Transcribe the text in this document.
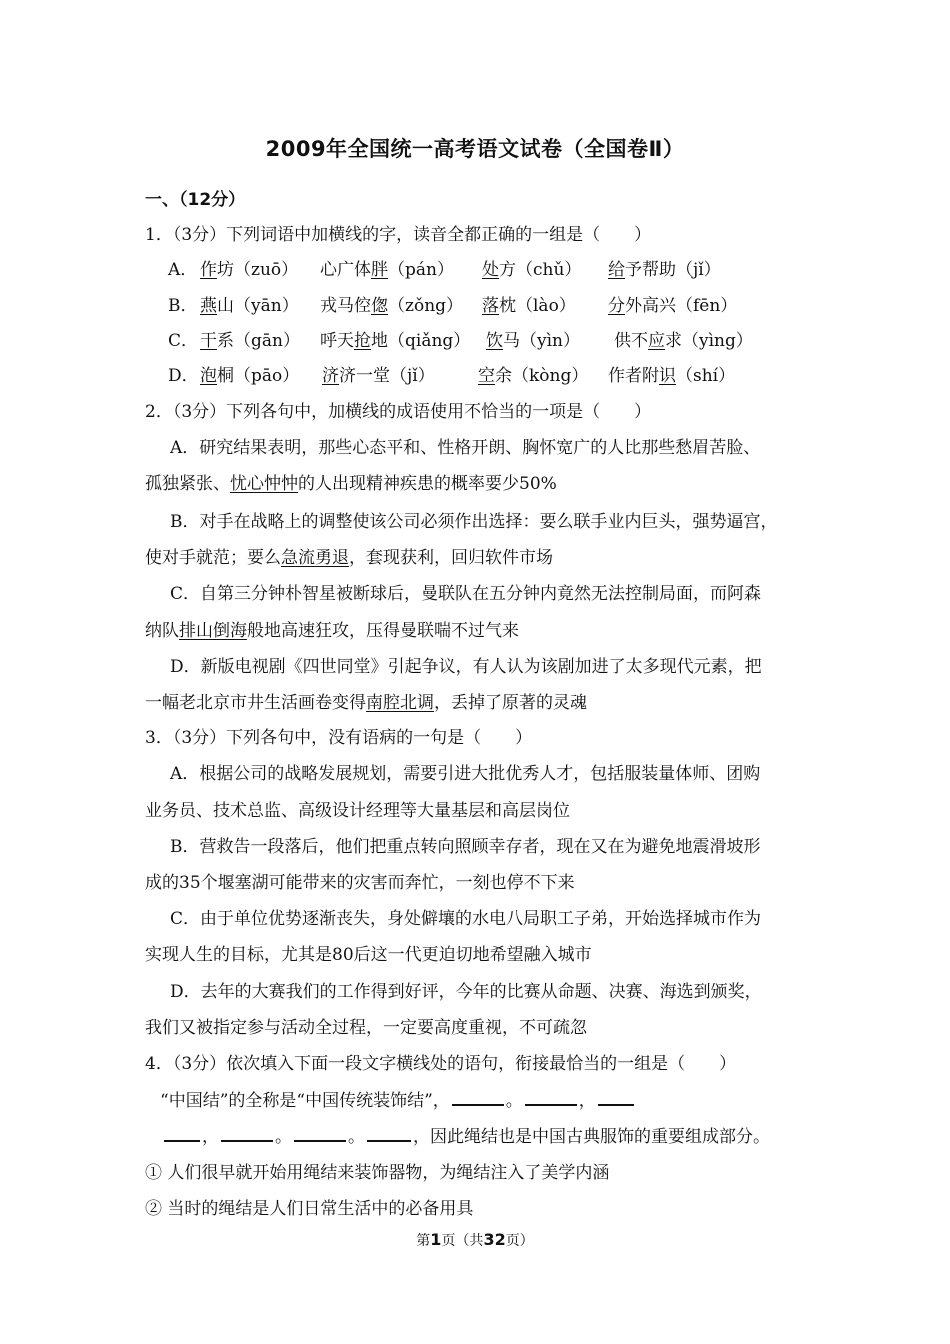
2009年全国统一高考语文试卷（全国卷Ⅱ）
一、（12分）
1．（3分）下列词语中加横线的字，读音全都正确的一组是（　　）
A． 作坊（zuō） 心广体胖（pán） 处方（chǔ） 给予帮助（jǐ）
B． 燕山（yān） 戎马倥偬（zǒng） 落枕（lào） 分外高兴（fēn）
C． 干系（gān） 呼天抢地（qiǎng） 饮马（yìn） 供不应求（yìng）
D． 泡桐（pāo） 济济一堂（jǐ）	空余（kòng） 作者附识（shí）
2．（3分）下列各句中，加横线的成语使用不恰当的一项是（　　）
A．研究结果表明，那些心态平和、性格开朗、胸怀宽广的人比那些愁眉苦脸、
孤独紧张、忧心忡忡的人出现精神疾患的概率要少50%
B．对手在战略上的调整使该公司必须作出选择：要么联手业内巨头，强势逼宫，
使对手就范；要么急流勇退，套现获利，回归软件市场
C．自第三分钟朴智星被断球后，曼联队在五分钟内竟然无法控制局面，而阿森
纳队排山倒海般地高速狂攻，压得曼联喘不过气来
D．新版电视剧《四世同堂》引起争议，有人认为该剧加进了太多现代元素，把
一幅老北京市井生活画卷变得南腔北调，丢掉了原著的灵魂
3．（3分）下列各句中，没有语病的一句是（　　）
A．根据公司的战略发展规划，需要引进大批优秀人才，包括服装量体师、团购
业务员、技术总监、高级设计经理等大量基层和高层岗位
B．营救告一段落后，他们把重点转向照顾幸存者，现在又在为避免地震滑坡形
成的35个堰塞湖可能带来的灾害而奔忙，一刻也停不下来
C．由于单位优势逐渐丧失，身处僻壤的水电八局职工子弟，开始选择城市作为
实现人生的目标，尤其是80后这一代更迫切地希望融入城市
D．去年的大赛我们的工作得到好评，今年的比赛从命题、决赛、海选到颁奖，
我们又被指定参与活动全过程，一定要高度重视，不可疏忽
4．（3分）依次填入下面一段文字横线处的语句，衔接最恰当的一组是（　　）
“中国结”的全称是“中国传统装饰结”，	。	，
，	。	。	，因此绳结也是中国古典服饰的重要组成部分。
① 人们很早就开始用绳结来装饰器物，为绳结注入了美学内涵
② 当时的绳结是人们日常生活中的必备用具
第1页（共32页）
